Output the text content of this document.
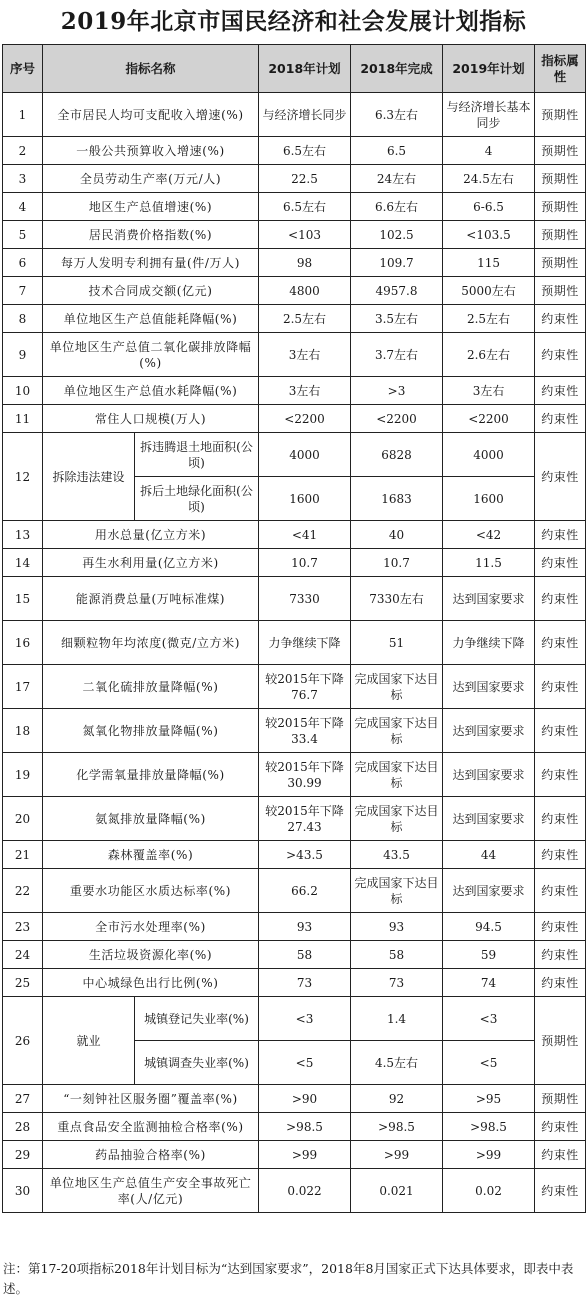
2019年北京市国民经济和社会发展计划指标
序号	指标名称		2018年计划	2018年完成	2019年计划	指标属性
1	全市居民人均可支配收入增速(%)		与经济增长同步	6.3左右	与经济增长基本同步	预期性
2	一般公共预算收入增速(%)		6.5左右	6.5	4	预期性
3	全员劳动生产率(万元/人)		22.5	24左右	24.5左右	预期性
4	地区生产总值增速(%)		6.5左右	6.6左右	6-6.5	预期性
5	居民消费价格指数(%)		<103	102.5	<103.5	预期性
6	每万人发明专利拥有量(件/万人)		98	109.7	115	预期性
7	技术合同成交额(亿元)		4800	4957.8	5000左右	预期性
8	单位地区生产总值能耗降幅(%)		2.5左右	3.5左右	2.5左右	约束性
9	单位地区生产总值二氧化碳排放降幅(%)		3左右	3.7左右	2.6左右	约束性
10	单位地区生产总值水耗降幅(%)		3左右	>3	3左右	约束性
11	常住人口规模(万人)		<2200	<2200	<2200	约束性
12	拆除违法建设	拆违腾退土地面积(公顷)	4000	6828	4000	约束性
		拆后土地绿化面积(公顷)	1600	1683	1600	
13	用水总量(亿立方米)		<41	40	<42	约束性
14	再生水利用量(亿立方米)		10.7	10.7	11.5	约束性
15	能源消费总量(万吨标准煤)		7330	7330左右	达到国家要求	约束性
16	细颗粒物年均浓度(微克/立方米)		力争继续下降	51	力争继续下降	约束性
17	二氧化硫排放量降幅(%)		较2015年下降76.7	完成国家下达目标	达到国家要求	约束性
18	氮氧化物排放量降幅(%)		较2015年下降33.4	完成国家下达目标	达到国家要求	约束性
19	化学需氧量排放量降幅(%)		较2015年下降30.99	完成国家下达目标	达到国家要求	约束性
20	氨氮排放量降幅(%)		较2015年下降27.43	完成国家下达目标	达到国家要求	约束性
21	森林覆盖率(%)		>43.5	43.5	44	约束性
22	重要水功能区水质达标率(%)		66.2	完成国家下达目标	达到国家要求	约束性
23	全市污水处理率(%)		93	93	94.5	约束性
24	生活垃圾资源化率(%)		58	58	59	约束性
25	中心城绿色出行比例(%)		73	73	74	约束性
26	就业	城镇登记失业率(%)	<3	1.4	<3	预期性
		城镇调查失业率(%)	<5	4.5左右	<5	
27	“一刻钟社区服务圈”覆盖率(%)		>90	92	>95	预期性
28	重点食品安全监测抽检合格率(%)		>98.5	>98.5	>98.5	约束性
29	药品抽验合格率(%)		>99	>99	>99	约束性
30	单位地区生产总值生产安全事故死亡率(人/亿元)		0.022	0.021	0.02	约束性
注：第17-20项指标2018年计划目标为“达到国家要求”，2018年8月国家正式下达具体要求，即表中表述。
